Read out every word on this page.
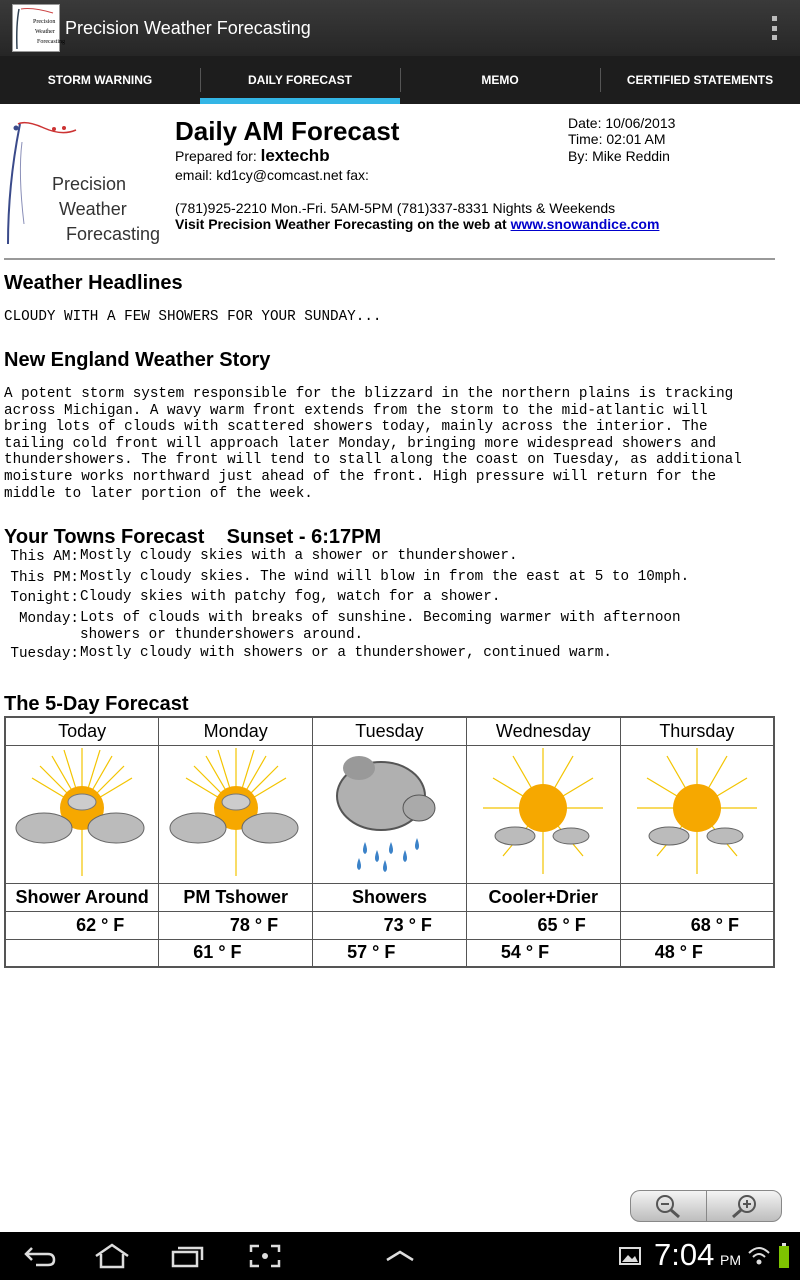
Precision
Weather
Forecasting
Precision Weather Forecasting
STORM WARNING	DAILY FORECAST	MEMO	CERTIFIED STATEMENTS
Precision
Weather
Forecasting
Daily AM Forecast
Prepared for: lextechb
email: kd1cy@comcast.net fax:
(781)925-2210 Mon.-Fri. 5AM-5PM (781)337-8331 Nights & Weekends
Visit Precision Weather Forecasting on the web at www.snowandice.com
Date: 10/06/2013
Time: 02:01 AM
By: Mike Reddin
Weather Headlines
CLOUDY WITH A FEW SHOWERS FOR YOUR SUNDAY...
New England Weather Story
A potent storm system responsible for the blizzard in the northern plains is tracking
across Michigan. A wavy warm front extends from the storm to the mid-atlantic will
bring lots of clouds with scattered showers today, mainly across the interior. The
tailing cold front will approach later Monday, bringing more widespread showers and
thundershowers. The front will tend to stall along the coast on Tuesday, as additional
moisture works northward just ahead of the front. High pressure will return for the
middle to later portion of the week.
Your Towns Forecast Sunset - 6:17PM
This AM: Mostly cloudy skies with a shower or thundershower.
This PM: Mostly cloudy skies. The wind will blow in from the east at 5 to 10mph.
Tonight: Cloudy skies with patchy fog, watch for a shower.
Monday: Lots of clouds with breaks of sunshine. Becoming warmer with afternoon
showers or thundershowers around.
Tuesday: Mostly cloudy with showers or a thundershower, continued warm.
The 5-Day Forecast
Today	Monday	Tuesday	Wednesday	Thursday

Shower Around	PM Tshower	Showers	Cooler+Drier	
62 ° F	78 ° F	73 ° F	65 ° F	68 ° F
	61 ° F	57 ° F	54 ° F	48 ° F
7:04 PM
